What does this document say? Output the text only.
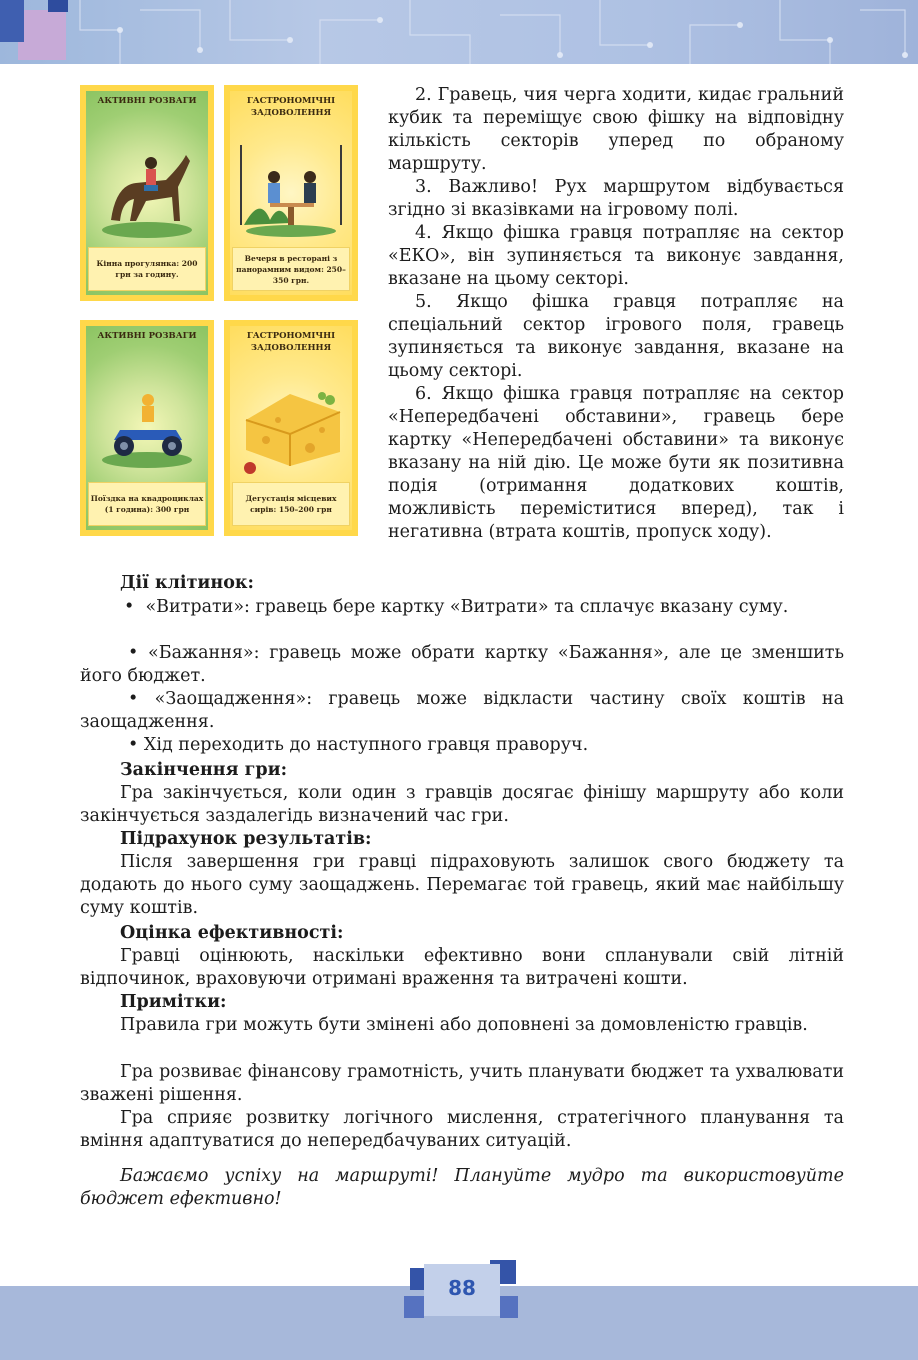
АКТИВНІ РОЗВАГИ
Кінна прогулянка: 200 грн за годину.
ГАСТРОНОМІЧНІ ЗАДОВОЛЕННЯ
Вечеря в ресторані з панорамним видом: 250–350 грн.
АКТИВНІ РОЗВАГИ
Поїздка на квадроциклах (1 година): 300 грн
ГАСТРОНОМІЧНІ ЗАДОВОЛЕННЯ
Дегустація місцевих сирів: 150–200 грн

2. Гравець, чия черга ходити, кидає гральний кубик та переміщує свою фішку на відповідну кількість секторів уперед по обраному маршруту.

3. Важливо! Рух маршрутом відбувається згідно зі вказівками на ігровому полі.

4. Якщо фішка гравця потрапляє на сектор «ЕКО», він зупиняється та виконує завдання, вказане на цьому секторі.

5. Якщо фішка гравця потрапляє на спеціальний сектор ігрового поля, гравець зупиняється та виконує завдання, вказане на цьому секторі.

6. Якщо фішка гравця потрапляє на сектор «Непередбачені обставини», гравець бере картку «Непередбачені обставини» та виконує вказану на ній дію. Це може бути як позитивна подія (отримання додаткових коштів, можливість переміститися вперед), так і негативна (втрата коштів, пропуск ходу).

Дії клітинок:

•  «Витрати»: гравець бере картку «Витрати» та сплачує вказану суму.

• «Бажання»: гравець може обрати картку «Бажання», але це зменшить його бюджет.

• «Заощадження»: гравець може відкласти частину своїх коштів на заощадження.

• Хід переходить до наступного гравця праворуч.

Закінчення гри:

Гра закінчується, коли один з гравців досягає фінішу маршруту або коли закінчується заздалегідь визначений час гри.

Підрахунок результатів:

Після завершення гри гравці підраховують залишок свого бюджету та додають до нього суму заощаджень. Перемагає той гравець, який має найбільшу суму коштів.

Оцінка ефективності:

Гравці оцінюють, наскільки ефективно вони спланували свій літній відпочинок, враховуючи отримані враження та витрачені кошти.

Примітки:

Правила гри можуть бути змінені або доповнені за домовленістю гравців.

Гра розвиває фінансову грамотність, учить планувати бюджет та ухвалювати зважені рішення.

Гра сприяє розвитку логічного мислення, стратегічного планування та вміння адаптуватися до непередбачуваних ситуацій.

Бажаємо успіху на маршруті! Плануйте мудро та використовуйте бюджет ефективно!

88
